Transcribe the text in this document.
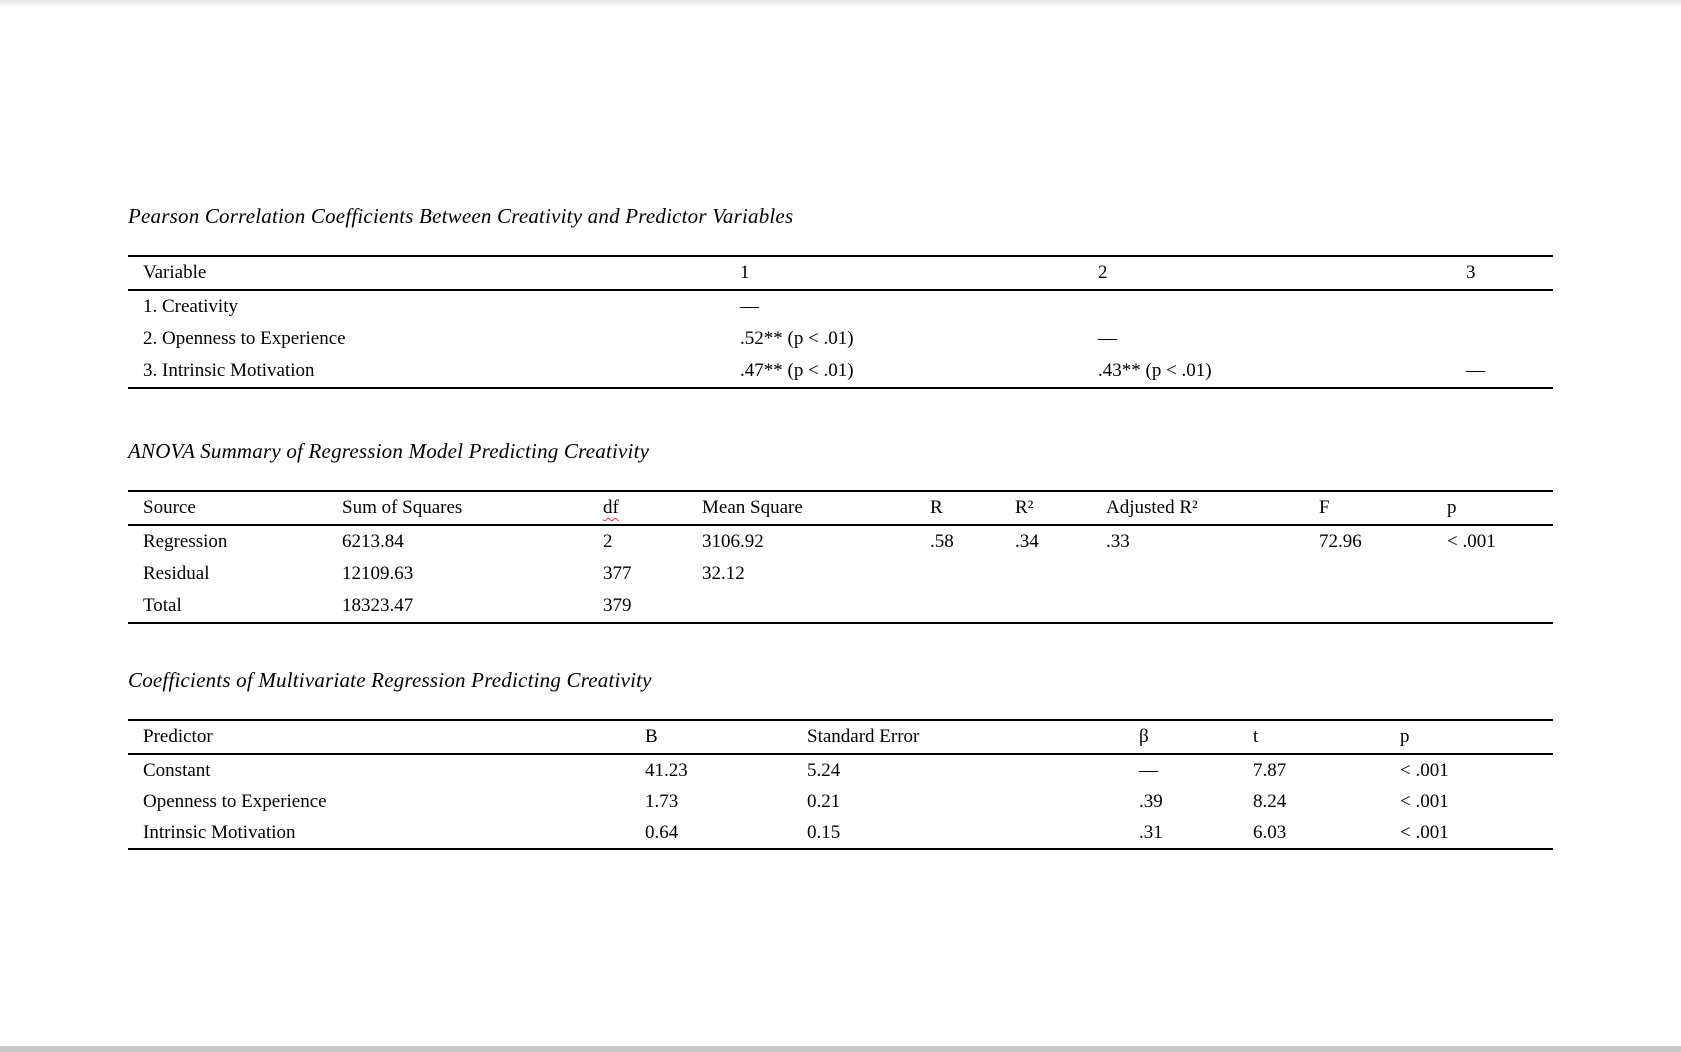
Pearson Correlation Coefficients Between Creativity and Predictor Variables
Variable	1	2	3
1. Creativity	—
2. Openness to Experience	.52** (p < .01)	—
3. Intrinsic Motivation	.47** (p < .01)	.43** (p < .01)	—
ANOVA Summary of Regression Model Predicting Creativity
Source	Sum of Squares	df	Mean Square	R	R²	Adjusted R²	F	p
Regression	6213.84	2	3106.92	.58	.34	.33	72.96	< .001
Residual	12109.63	377	32.12
Total	18323.47	379
Coefficients of Multivariate Regression Predicting Creativity
Predictor	B	Standard Error	β	t	p
Constant	41.23	5.24	—	7.87	< .001
Openness to Experience	1.73	0.21	.39	8.24	< .001
Intrinsic Motivation	0.64	0.15	.31	6.03	< .001
